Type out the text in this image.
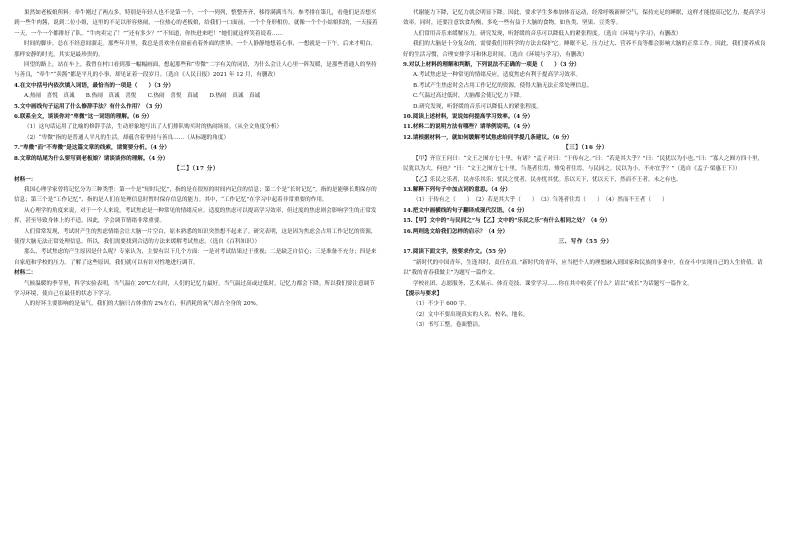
果然如老板娘所料：牵牛刚过了两点多，特别是年轻人也不是第一个，一个一列列，整整齐齐，移得满满当当。参考排在第几，看他们是否想买到一些牛肉酱，说到二位小姐，这里的不足以形容热闹，一位热心的老板娘，给我们一口面前，一个个身形相仿，就像一个个小姑娘似的，一天接着一天，一个一个都排好了队。“牛肉卖完了！”“还有多少？”“不知道，你快进来吧！”她们就这样笑着说着……

时间的脚步，总在不经意间溜走。那些年月里，我总是喜欢坐在窗前看着外面的世界，一个人静静地想着心事，一想就是一下午。后来才明白，那样安静的时光，其实是最珍贵的。

回望的路上，站在车上，我曾在村口看到那一幅幅画面，想起那些和“卑微”二字有关的词语，为什么会让人心里一阵发暖，是那些普通人的坚持与善良，“牵牛”“卖酱”都是平凡的小事，却见证着一段岁月。（选自《人民日报》2021 年 12 月，有删改）

4.在文中括号内依次填入词语，最恰当的一项是（　　）（3 分）

A.热闹　喜悦　真诚　　B.热闹　真诚　喜悦　　C.热闹　喜悦　真诚　　D.热闹　真诚　真诚

5.文中画线句子运用了什么修辞手法？有什么作用？（3 分）

6.联系全文，谈谈你对“卑微”这一词语的理解。（6 分）

（1）这句话运用了比喻的修辞手法，生动形象地写出了人们排队购买时的热闹场景。（从全文角度分析）

（2）“卑微”指的是普通人平凡的生活，却蕴含着坚持与善良……（从标题的角度）

7.“卑微”而“不卑微”是这篇文章的线索，请简要分析。（4 分）

8.文章的结尾为什么要写到老板娘？请谈谈你的理解。（4 分）

【二】（17 分）

材料一：

我国心理学家曾将记忆分为三种类型：第一个是“短时记忆”，指的是在很短的时间内记住的信息；第二个是“长时记忆”，指的是能够长期保存的信息；第三个是“工作记忆”，指的是人们在处理信息时暂时保存信息的能力。其中，“工作记忆”在学习中起着非常重要的作用。

从心理学的角度来说，对于一个人来说，考试焦虑是一种常见的情绪反应。适度的焦虑可以提高学习效率，但过度的焦虑则会影响学生的正常发挥，甚至导致身体上的不适。因此，学会调节情绪非常重要。

人们常常发现，考试时产生的焦虑情绪会让大脑一片空白，原本熟悉的知识突然想不起来了。研究表明，这是因为焦虑会占用工作记忆的资源，使得大脑无法正常处理信息。所以，我们需要找到合适的方法来缓解考试焦虑。（选自《百科知识》）

那么，考试焦虑的产生原因是什么呢？专家认为，主要有以下几个方面：一是对考试结果过于重视；二是缺乏自信心；三是准备不充分；四是来自家庭和学校的压力。了解了这些原因，我们就可以有针对性地进行调节。

材料二：

气候温暖的季节里，科学实验表明，当气温在 20℃左右时，人们的记忆力最好。当气温过高或过低时，记忆力都会下降。所以我们要注意调节学习环境，使自己在最佳的状态下学习。

人的好坏主要影响的是氧气，我们的大脑只占体重的 2%左右，但消耗的氧气却占全身的 20%。

代谢能力下降，记忆力就会明显下降。因此，要求学生多参加体育运动，经常呼吸新鲜空气，保持充足的睡眠，这样才能提高记忆力，提高学习效率。同时，还要注意饮食均衡，多吃一些有益于大脑的食物，如鱼类、坚果、豆类等。

人们常用音乐来缓解压力。研究发现，听舒缓的音乐可以降低人的紧张程度。（选自《环境与学习》，有删改）

我们的大脑是十分复杂的，需要我们用科学的方法去保护它。睡眠不足、压力过大、营养不良等都会影响大脑的正常工作。因此，我们要养成良好的生活习惯，合理安排学习和休息时间。（选自《环境与学习》，有删改）

9.对以上材料的理解和判断，下列说法不正确的一项是（　　）（3 分）

A.考试焦虑是一种常见的情绪反应，适度焦虑有利于提高学习效率。

B.考试产生焦虑时会占用工作记忆的资源，使得大脑无法正常处理信息。

C.气温过高过低时，大脑都会使记忆力下降。

D.研究发现，听舒缓的音乐可以降低人的紧张程度。

10.阅读上述材料，说说如何提高学习效率。（4 分）

11.材料二的说明方法有哪些？请举例说明。（4 分）

12.请根据材料一，就如何缓解考试焦虑给同学提几条建议。（6 分）

【三】（16 分）

【甲】齐宣王问曰：“文王之囿方七十里，有诸？”孟子对曰：“于传有之。”曰：“若是其大乎？”曰：“民犹以为小也。”曰：“寡人之囿方四十里，民犹以为大，何也？”曰：“文王之囿方七十里，刍荛者往焉，雉兔者往焉，与民同之。民以为小，不亦宜乎？”（选自《孟子·梁惠王下》）

【乙】乐民之乐者，民亦乐其乐；忧民之忧者，民亦忧其忧。乐以天下，忧以天下，然而不王者，未之有也。

13.解释下列句子中加点词的意思。（4 分）

（1）于传有之（　　）　（2）若是其大乎（　　）　（3）刍荛者往焉（　　）　（4）然而不王者（　　）

14.把文中画横线的句子翻译成现代汉语。（4 分）

15.【甲】文中的“与民同之”与【乙】文中的“乐民之乐”有什么相同之处？（4 分）

16.两则选文给我们怎样的启示？（4 分）

三、写作（55 分）

17.阅读下面文字，按要求作文。（55 分）

“新时代的中国青年，生逢其时，责任在肩。”新时代的青年，应当把个人的理想融入到国家和民族的事业中，在奋斗中实现自己的人生价值。请以“我的青春我做主”为题写一篇作文。

学校社团、志愿服务、艺术展示、体育竞技、课堂学习……你在其中收获了什么？请以“成长”为话题写一篇作文。

【提示与要求】

（1）不少于 600 字。

（2）文中不要出现真实的人名、校名、地名。

（3）书写工整，卷面整洁。
